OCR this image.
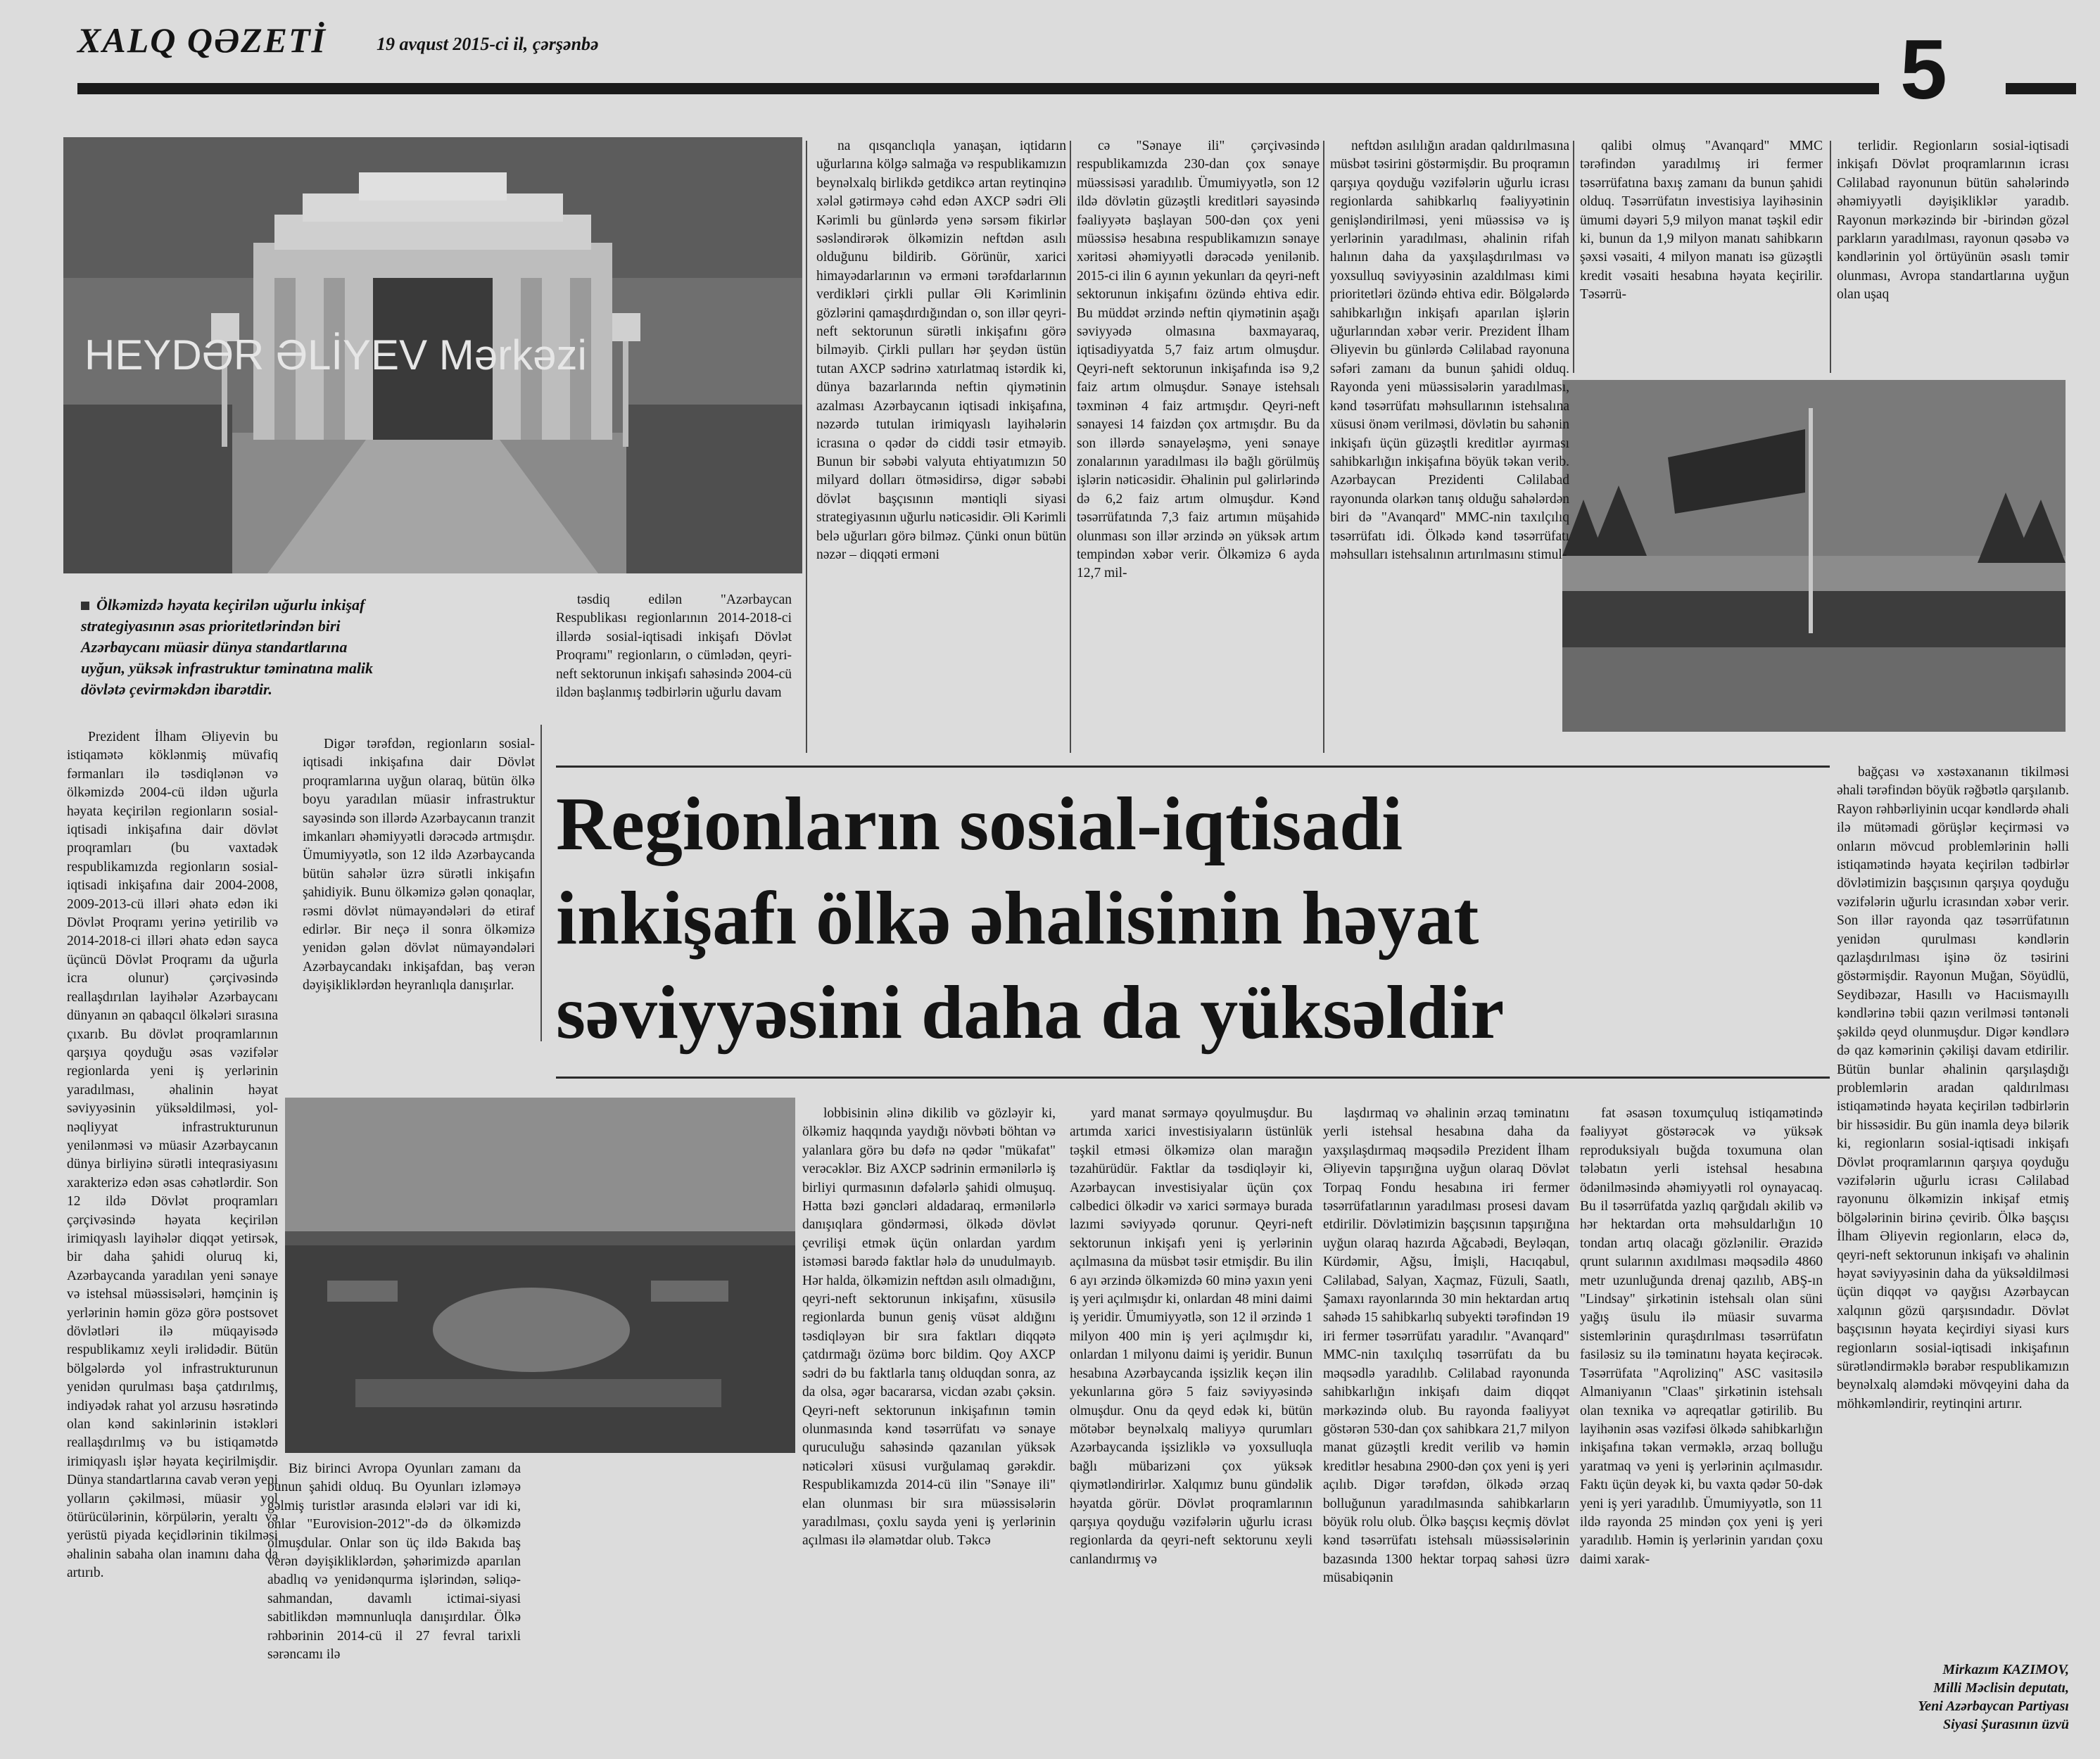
XALQ QƏZETİ	19 avqust 2015-ci il, çərşənbə	5
HEYDƏR ƏLİYEV Mərkəzi
Ölkəmizdə həyata keçirilən uğurlu inkişaf strategiyasının əsas prioritetlərindən biri Azərbaycanı müasir dünya standartlarına uyğun, yüksək infrastruktur təminatına malik dövlətə çevirməkdən ibarətdir.
Regionların sosial-iqtisadi
inkişafı ölkə əhalisinin həyat
səviyyəsini daha da yüksəldir

Prezident İlham Əliyevin bu istiqamətə köklənmiş müvafiq fərmanları ilə təsdiqlənən və ölkəmizdə 2004-cü ildən uğurla həyata keçirilən regionların sosial-iqtisadi inkişafına dair dövlət proqramları (bu vaxtadək respublikamızda regionların sosial-iqtisadi inkişafına dair 2004-2008, 2009-2013-cü illəri əhatə edən iki Dövlət Proqramı yerinə yetirilib və 2014-2018-ci illəri əhatə edən sayca üçüncü Dövlət Proqramı da uğurla icra olunur) çərçivəsində reallaşdırılan layihələr Azərbaycanı dünyanın ən qabaqcıl ölkələri sırasına çıxarıb. Bu dövlət proqramlarının qarşıya qoyduğu əsas vəzifələr regionlarda yeni iş yerlərinin yaradılması, əhalinin həyat səviyyəsinin yüksəldilməsi, yol-nəqliyyat infrastrukturunun yenilənməsi və müasir Azərbaycanın dünya birliyinə sürətli inteqrasiyasını xarakterizə edən əsas cəhətlərdir. Son 12 ildə Dövlət proqramları çərçivəsində həyata keçirilən irimiqyaslı layihələr diqqət yetirsək, bir daha şahidi oluruq ki, Azərbaycanda yaradılan yeni sənaye və istehsal müəssisələri, həmçinin iş yerlərinin həmin gözə görə postsovet dövlətləri ilə müqayisədə respublikamız xeyli irəlidədir. Bütün bölgələrdə yol infrastrukturunun yenidən qurulması başa çatdırılmış, indiyədək rahat yol arzusu həsrətində olan kənd sakinlərinin istəkləri reallaşdırılmış və bu istiqamətdə irimiqyaslı işlər həyata keçirilmişdir. Dünya standartlarına cavab verən yeni yolların çəkilməsi, müasir yol ötürücülərinin, körpülərin, yeraltı və yerüstü piyada keçidlərinin tikilməsi əhalinin sabaha olan inamını daha da artırıb.

Digər tərəfdən, regionların sosial-iqtisadi inkişafına dair Dövlət proqramlarına uyğun olaraq, bütün ölkə boyu yaradılan müasir infrastruktur sayəsində son illərdə Azərbaycanın tranzit imkanları əhəmiyyətli dərəcədə artmışdır. Ümumiyyətlə, son 12 ildə Azərbaycanda bütün sahələr üzrə sürətli inkişafın şahidiyik. Bunu ölkəmizə gələn qonaqlar, rəsmi dövlət nümayəndələri də etiraf edirlər. Bir neçə il sonra ölkəmizə yenidən gələn dövlət nümayəndələri Azərbaycandakı inkişafdan, baş verən dəyişikliklərdən heyranlıqla danışırlar.

Biz birinci Avropa Oyunları zamanı da bunun şahidi olduq. Bu Oyunları izləməyə gəlmiş turistlər arasında elələri var idi ki, onlar "Eurovision-2012"-də də ölkəmizdə olmuşdular. Onlar son üç ildə Bakıda baş verən dəyişikliklərdən, şəhərimizdə aparılan abadlıq və yenidənqurma işlərindən, səliqə-sahmandan, davamlı ictimai-siyasi sabitlikdən məmnunluqla danışırdılar. Ölkə rəhbərinin 2014-cü il 27 fevral tarixli sərəncamı ilə

na qısqanclıqla yanaşan, iqtidarın uğurlarına kölgə salmağa və respublikamızın beynəlxalq birlikdə getdikcə artan reytinqinə xələl gətirməyə cəhd edən AXCP sədri Əli Kərimli bu günlərdə yenə sərsəm fikirlər səsləndirərək ölkəmizin neftdən asılı olduğunu bildirib. Görünür, xarici himayədarlarının və erməni tərəfdarlarının verdikləri çirkli pullar Əli Kərimlinin gözlərini qamaşdırdığından o, son illər qeyri-neft sektorunun sürətli inkişafını görə bilməyib. Çirkli pulları hər şeydən üstün tutan AXCP sədrinə xatırlatmaq istərdik ki, dünya bazarlarında neftin qiymətinin azalması Azərbaycanın iqtisadi inkişafına, nəzərdə tutulan irimiqyaslı layihələrin icrasına o qədər də ciddi təsir etməyib. Bunun bir səbəbi valyuta ehtiyatımızın 50 milyard dolları ötməsidirsə, digər səbəbi dövlət başçısının məntiqli siyasi strategiyasının uğurlu nəticəsidir. Əli Kərimli belə uğurları görə bilməz. Çünki onun bütün nəzər – diqqəti erməni

təsdiq edilən "Azərbaycan Respublikası regionlarının 2014-2018-ci illərdə sosial-iqtisadi inkişafı Dövlət Proqramı" regionların, o cümlədən, qeyri-neft sektorunun inkişafı sahəsində 2004-cü ildən başlanmış tədbirlərin uğurlu davam

lobbisinin əlinə dikilib və gözləyir ki, ölkəmiz haqqında yaydığı növbəti böhtan və yalanlara görə bu dəfə nə qədər "mükafat" verəcəklər. Biz AXCP sədrinin ermənilərlə iş birliyi qurmasının dəfələrlə şahidi olmuşuq. Hətta bəzi gəncləri aldadaraq, ermənilərlə danışıqlara göndərməsi, ölkədə dövlət çevrilişi etmək üçün onlardan yardım istəməsi barədə faktlar hələ də unudulmayıb. Hər halda, ölkəmizin neftdən asılı olmadığını, qeyri-neft sektorunun inkişafını, xüsusilə regionlarda bunun geniş vüsət aldığını təsdiqləyən bir sıra faktları diqqətə çatdırmağı özümə borc bildim. Qoy AXCP sədri də bu faktlarla tanış olduqdan sonra, az da olsa, əgər bacararsa, vicdan əzabı çəksin. Qeyri-neft sektorunun inkişafının təmin olunmasında kənd təsərrüfatı və sənaye quruculuğu sahəsində qazanılan yüksək nəticələri xüsusi vurğulamaq gərəkdir. Respublikamızda 2014-cü ilin "Sənaye ili" elan olunması bir sıra müəssisələrin yaradılması, çoxlu sayda yeni iş yerlərinin açılması ilə əlamətdar olub. Təkcə

cə "Sənaye ili" çərçivəsində respublikamızda 230-dan çox sənaye müəssisəsi yaradılıb. Ümumiyyətlə, son 12 ildə dövlətin güzəştli kreditləri sayəsində fəaliyyətə başlayan 500-dən çox yeni müəssisə hesabına respublikamızın sənaye xəritəsi əhəmiyyətli dərəcədə yenilənib. 2015-ci ilin 6 ayının yekunları da qeyri-neft sektorunun inkişafını özündə ehtiva edir. Bu müddət ərzində neftin qiymətinin aşağı səviyyədə olmasına baxmayaraq, iqtisadiyyatda 5,7 faiz artım olmuşdur. Qeyri-neft sektorunun inkişafında isə 9,2 faiz artım olmuşdur. Sənaye istehsalı təxminən 4 faiz artmışdır. Qeyri-neft sənayesi 14 faizdən çox artmışdır. Bu da son illərdə sənayeləşmə, yeni sənaye zonalarının yaradılması ilə bağlı görülmüş işlərin nəticəsidir. Əhalinin pul gəlirlərində də 6,2 faiz artım olmuşdur. Kənd təsərrüfatında 7,3 faiz artımın müşahidə olunması son illər ərzində ən yüksək artım tempindən xəbər verir. Ölkəmizə 6 ayda 12,7 mil-

yard manat sərmayə qoyulmuşdur. Bu artımda xarici investisiyaların üstünlük təşkil etməsi ölkəmizə olan marağın təzahürüdür. Faktlar da təsdiqləyir ki, Azərbaycan investisiyalar üçün çox cəlbedici ölkədir və xarici sərmayə burada lazımi səviyyədə qorunur. Qeyri-neft sektorunun inkişafı yeni iş yerlərinin açılmasına da müsbət təsir etmişdir. Bu ilin 6 ayı ərzində ölkəmizdə 60 minə yaxın yeni iş yeri açılmışdır ki, onlardan 48 mini daimi iş yeridir. Ümumiyyətlə, son 12 il ərzində 1 milyon 400 min iş yeri açılmışdır ki, onlardan 1 milyonu daimi iş yeridir. Bunun hesabına Azərbaycanda işsizlik keçən ilin yekunlarına görə 5 faiz səviyyəsində olmuşdur. Onu da qeyd edək ki, bütün mötəbər beynəlxalq maliyyə qurumları Azərbaycanda işsizliklə və yoxsulluqla bağlı mübarizəni çox yüksək qiymətləndirirlər. Xalqımız bunu gündəlik həyatda görür. Dövlət proqramlarının qarşıya qoyduğu vəzifələrin uğurlu icrası regionlarda da qeyri-neft sektorunu xeyli canlandırmış və

neftdən asılılığın aradan qaldırılmasına müsbət təsirini göstərmişdir. Bu proqramın qarşıya qoyduğu vəzifələrin uğurlu icrası regionlarda sahibkarlıq fəaliyyətinin genişləndirilməsi, yeni müəssisə və iş yerlərinin yaradılması, əhalinin rifah halının daha da yaxşılaşdırılması və yoxsulluq səviyyəsinin azaldılması kimi prioritetləri özündə ehtiva edir. Bölgələrdə sahibkarlığın inkişafı aparılan işlərin uğurlarından xəbər verir. Prezident İlham Əliyevin bu günlərdə Cəlilabad rayonuna səfəri zamanı da bunun şahidi olduq. Rayonda yeni müəssisələrin yaradılması, kənd təsərrüfatı məhsullarının istehsalına xüsusi önəm verilməsi, dövlətin bu sahənin inkişafı üçün güzəştli kreditlər ayırması sahibkarlığın inkişafına böyük təkan verib. Azərbaycan Prezidenti Cəlilabad rayonunda olarkən tanış olduğu sahələrdən biri də "Avanqard" MMC-nin taxılçılıq təsərrüfatı idi. Ölkədə kənd təsərrüfatı məhsulları istehsalının artırılmasını stimul-

laşdırmaq və əhalinin ərzaq təminatını yerli istehsal hesabına daha da yaxşılaşdırmaq məqsədilə Prezident İlham Əliyevin tapşırığına uyğun olaraq Dövlət Torpaq Fondu hesabına iri fermer təsərrüfatlarının yaradılması prosesi davam etdirilir. Dövlətimizin başçısının tapşırığına uyğun olaraq hazırda Ağcabədi, Beyləqan, Kürdəmir, Ağsu, İmişli, Hacıqabul, Cəlilabad, Salyan, Xaçmaz, Füzuli, Saatlı, Şamaxı rayonlarında 30 min hektardan artıq sahədə 15 sahibkarlıq subyekti tərəfindən 19 iri fermer təsərrüfatı yaradılır. "Avanqard" MMC-nin taxılçılıq təsərrüfatı da bu məqsədlə yaradılıb. Cəlilabad rayonunda sahibkarlığın inkişafı daim diqqət mərkəzində olub. Bu rayonda fəaliyyət göstərən 530-dan çox sahibkara 21,7 milyon manat güzəştli kredit verilib və həmin kreditlər hesabına 2900-dən çox yeni iş yeri açılıb. Digər tərəfdən, ölkədə ərzaq bolluğunun yaradılmasında sahibkarların böyük rolu olub. Ölkə başçısı keçmiş dövlət kənd təsərrüfatı istehsalı müəssisələrinin bazasında 1300 hektar torpaq sahəsi üzrə müsabiqənin

qalibi olmuş "Avanqard" MMC tərəfindən yaradılmış iri fermer təsərrüfatına baxış zamanı da bunun şahidi olduq. Təsərrüfatın investisiya layihəsinin ümumi dəyəri 5,9 milyon manat təşkil edir ki, bunun da 1,9 milyon manatı sahibkarın şəxsi vəsaiti, 4 milyon manatı isə güzəştli kredit vəsaiti hesabına həyata keçirilir. Təsərrü-

fat əsasən toxumçuluq istiqamətində fəaliyyət göstərəcək və yüksək reproduksiyalı buğda toxumuna olan tələbatın yerli istehsal hesabına ödənilməsində əhəmiyyətli rol oynayacaq. Bu il təsərrüfatda yazlıq qarğıdalı əkilib və hər hektardan orta məhsuldarlığın 10 tondan artıq olacağı gözlənilir. Ərazidə qrunt sularının axıdılması məqsədilə 4860 metr uzunluğunda drenaj qazılıb, ABŞ-ın "Lindsay" şirkətinin istehsalı olan süni yağış üsulu ilə müasir suvarma sistemlərinin quraşdırılması təsərrüfatın fasiləsiz su ilə təminatını həyata keçirəcək. Təsərrüfata "Aqrolizinq" ASC vasitəsilə Almaniyanın "Claas" şirkətinin istehsalı olan texnika və aqreqatlar gətirilib. Bu layihənin əsas vəzifəsi ölkədə sahibkarlığın inkişafına təkan verməklə, ərzaq bolluğu yaratmaq və yeni iş yerlərinin açılmasıdır. Faktı üçün deyək ki, bu vaxta qədər 50-dək yeni iş yeri yaradılıb. Ümumiyyətlə, son 11 ildə rayonda 25 mindən çox yeni iş yeri yaradılıb. Həmin iş yerlərinin yarıdan çoxu daimi xarak-

terlidir. Regionların sosial-iqtisadi inkişafı Dövlət proqramlarının icrası Cəlilabad rayonunun bütün sahələrində əhəmiyyətli dəyişikliklər yaradıb. Rayonun mərkəzində bir -birindən gözəl parkların yaradılması, rayonun qəsəbə və kəndlərinin yol örtüyünün əsaslı təmir olunması, Avropa standartlarına uyğun olan uşaq

bağçası və xəstəxananın tikilməsi əhali tərəfindən böyük rəğbətlə qarşılanıb. Rayon rəhbərliyinin ucqar kəndlərdə əhali ilə mütəmadi görüşlər keçirməsi və onların mövcud problemlərinin həlli istiqamətində həyata keçirilən tədbirlər dövlətimizin başçısının qarşıya qoyduğu vəzifələrin uğurlu icrasından xəbər verir. Son illər rayonda qaz təsərrüfatının yenidən qurulması kəndlərin qazlaşdırılması işinə öz təsirini göstərmişdir. Rayonun Muğan, Söyüdlü, Seydibəzar, Hasıllı və Hacıismayıllı kəndlərinə təbii qazın verilməsi təntənəli şəkildə qeyd olunmuşdur. Digər kəndlərə də qaz kəmərinin çəkilişi davam etdirilir. Bütün bunlar əhalinin qarşılaşdığı problemlərin aradan qaldırılması istiqamətində həyata keçirilən tədbirlərin bir hissəsidir. Bu gün inamla deyə bilərik ki, regionların sosial-iqtisadi inkişafı Dövlət proqramlarının qarşıya qoyduğu vəzifələrin uğurlu icrası Cəlilabad rayonunu ölkəmizin inkişaf etmiş bölgələrinin birinə çevirib. Ölkə başçısı İlham Əliyevin regionların, eləcə də, qeyri-neft sektorunun inkişafı və əhalinin həyat səviyyəsinin daha da yüksəldilməsi üçün diqqət və qayğısı Azərbaycan xalqının gözü qarşısındadır. Dövlət başçısının həyata keçirdiyi siyasi kurs regionların sosial-iqtisadi inkişafının sürətləndirməklə bərabər respublikamızın beynəlxalq aləmdəki mövqeyini daha da möhkəmləndirir, reytinqini artırır.

Mirkazım KAZIMOV,
Milli Məclisin deputatı,
Yeni Azərbaycan Partiyası
Siyasi Şurasının üzvü
